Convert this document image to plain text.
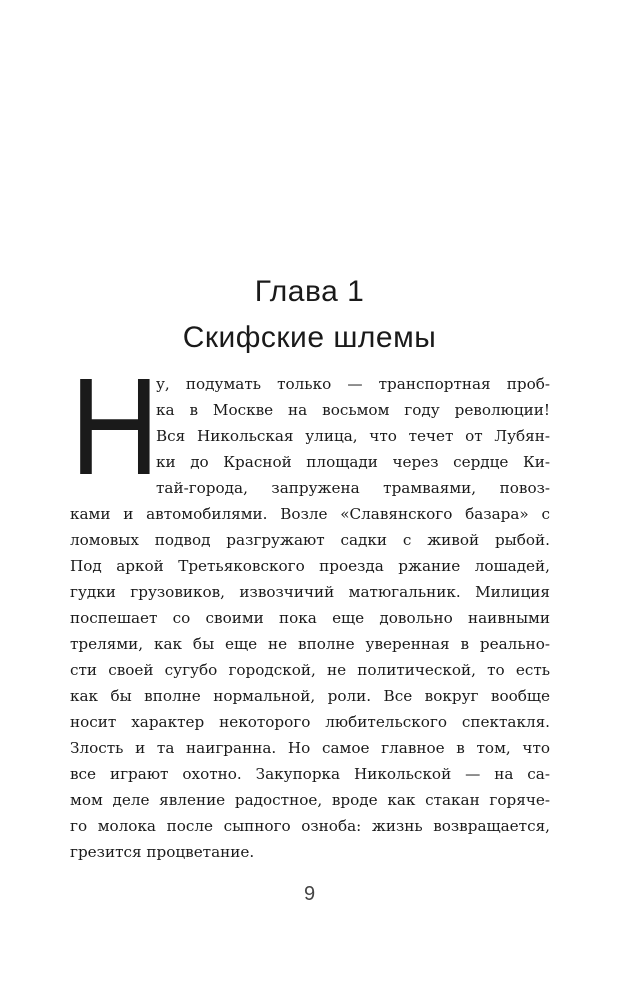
Глава 1
Скифские шлемы
Н
у, подумать только — транспортная проб-
ка в Москве на восьмом году революции!
Вся Никольская улица, что течет от Лубян-
ки до Красной площади через сердце Ки-
тай-города, запружена трамваями, повоз-
ками и автомобилями. Возле «Славянского базара» с
ломовых подвод разгружают садки с живой рыбой.
Под аркой Третьяковского проезда ржание лошадей,
гудки грузовиков, извозчичий матюгальник. Милиция
поспешает со своими пока еще довольно наивными
трелями, как бы еще не вполне уверенная в реально-
сти своей сугубо городской, не политической, то есть
как бы вполне нормальной, роли. Все вокруг вообще
носит характер некоторого любительского спектакля.
Злость и та наигранна. Но самое главное в том, что
все играют охотно. Закупорка Никольской — на са-
мом деле явление радостное, вроде как стакан горяче-
го молока после сыпного озноба: жизнь возвращается,
грезится процветание.
9
